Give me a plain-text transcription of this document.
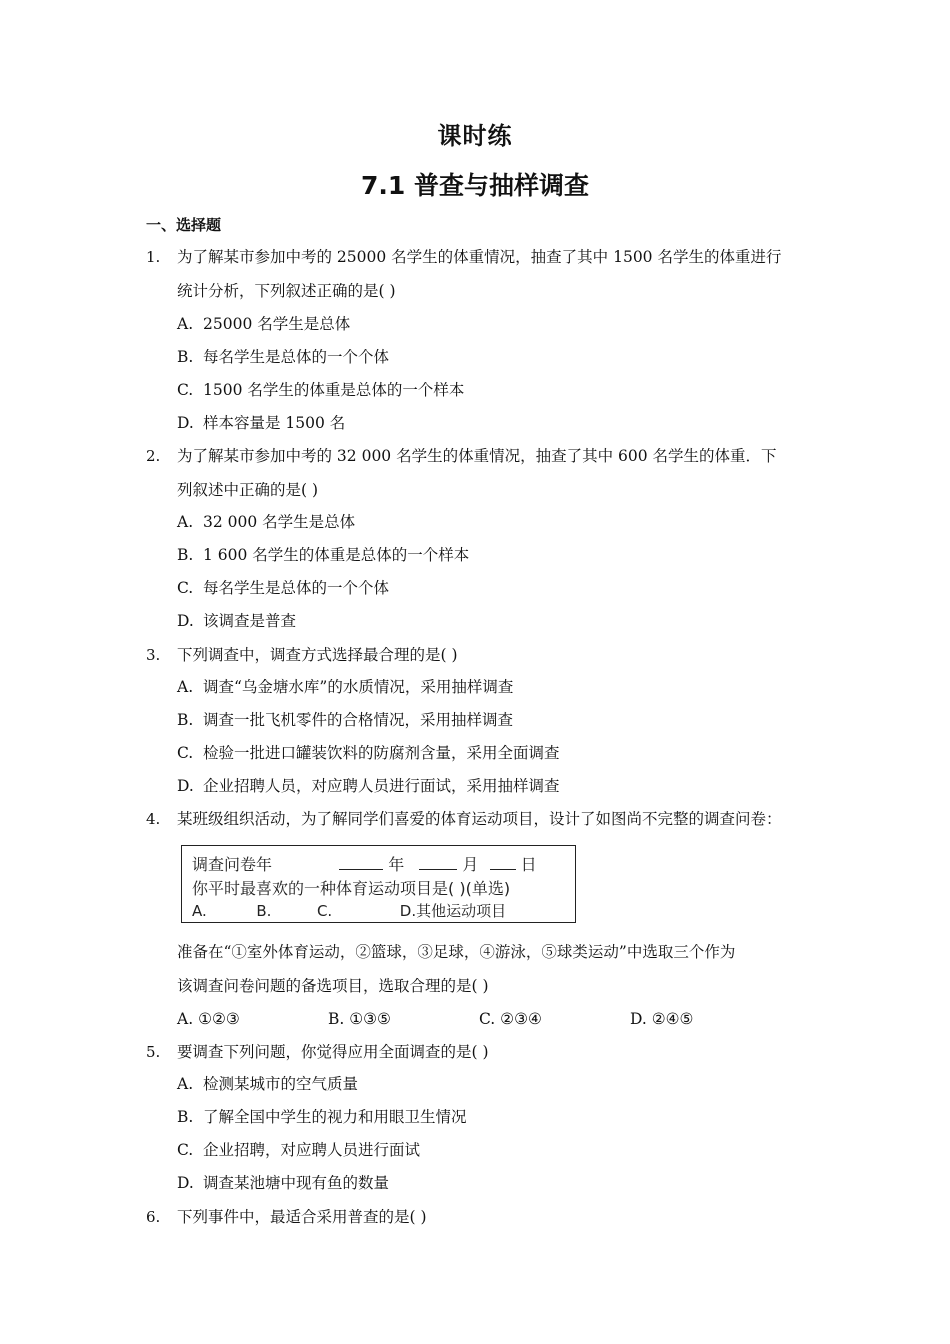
课时练
7.1 普查与抽样调查
一、选择题
1. 为了解某市参加中考的 25000 名学生的体重情况，抽查了其中 1500 名学生的体重进行
统计分析，下列叙述正确的是( )
A. 25000 名学生是总体
B. 每名学生是总体的一个个体
C. 1500 名学生的体重是总体的一个样本
D. 样本容量是 1500 名
2. 为了解某市参加中考的 32 000 名学生的体重情况，抽查了其中 600 名学生的体重．下
列叙述中正确的是( )
A. 32 000 名学生是总体
B. 1 600 名学生的体重是总体的一个样本
C. 每名学生是总体的一个个体
D. 该调查是普查
3. 下列调查中，调查方式选择最合理的是( )
A. 调查“乌金塘水库”的水质情况，采用抽样调查
B. 调查一批飞机零件的合格情况，采用抽样调查
C. 检验一批进口罐装饮料的防腐剂含量，采用全面调查
D. 企业招聘人员，对应聘人员进行面试，采用抽样调查
4. 某班级组织活动，为了解同学们喜爱的体育运动项目，设计了如图尚不完整的调查问卷：
调查问卷年	年	月	日
你平时最喜欢的一种体育运动项目是( )(单选)
A.	B.	C.	D.其他运动项目
准备在“①室外体育运动，②篮球，③足球，④游泳，⑤球类运动”中选取三个作为
该调查问卷问题的备选项目，选取合理的是( )
A. ①②③	B. ①③⑤	C. ②③④	D. ②④⑤
5. 要调查下列问题，你觉得应用全面调查的是( )
A. 检测某城市的空气质量
B. 了解全国中学生的视力和用眼卫生情况
C. 企业招聘，对应聘人员进行面试
D. 调查某池塘中现有鱼的数量
6. 下列事件中，最适合采用普查的是( )
